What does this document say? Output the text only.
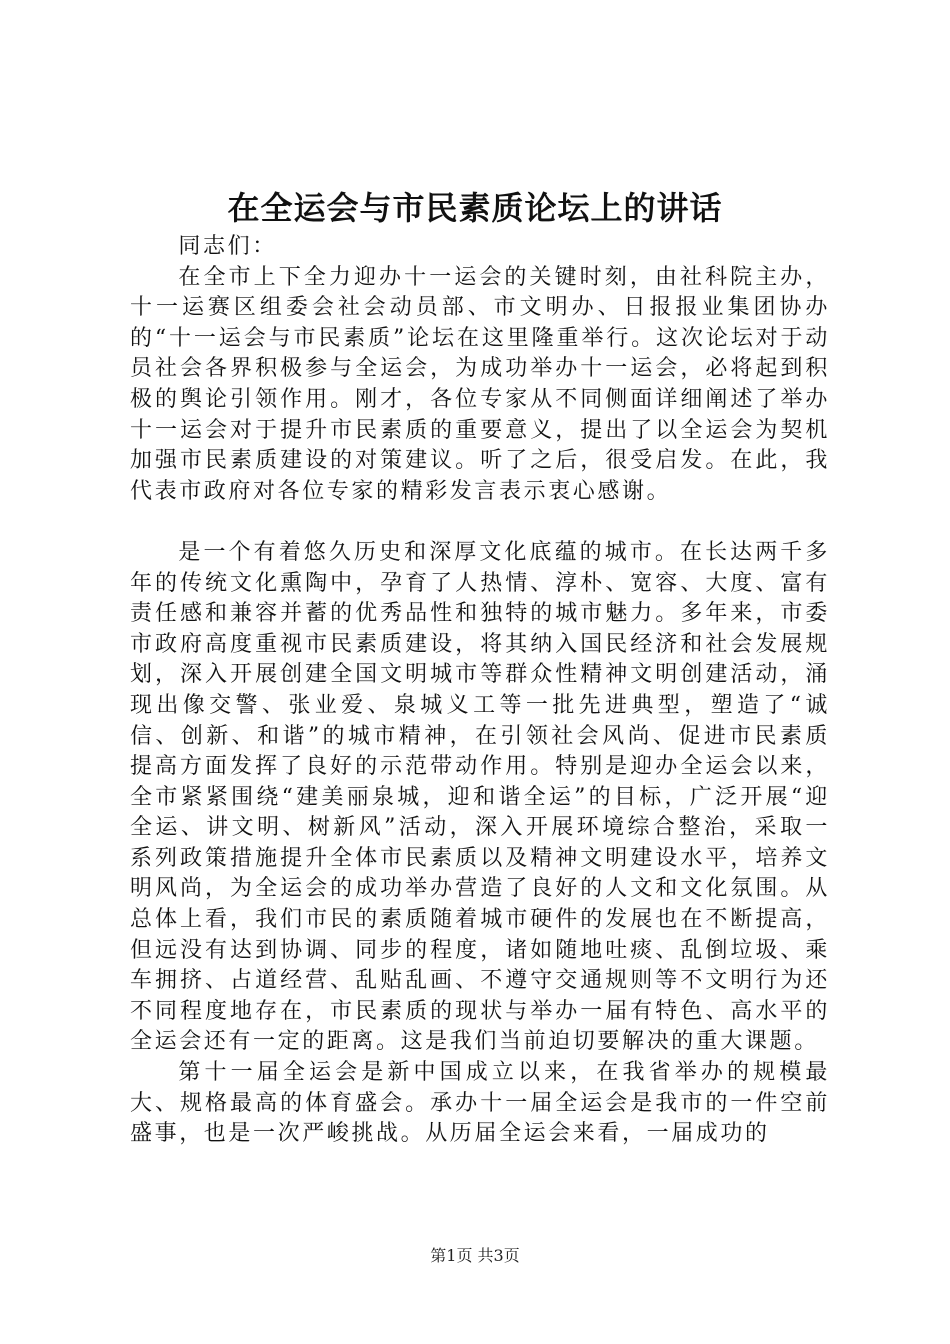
在全运会与市民素质论坛上的讲话

同志们：

在全市上下全力迎办十一运会的关键时刻，由社科院主办，十一运赛区组委会社会动员部、市文明办、日报报业集团协办的“十一运会与市民素质”论坛在这里隆重举行。这次论坛对于动员社会各界积极参与全运会，为成功举办十一运会，必将起到积极的舆论引领作用。刚才，各位专家从不同侧面详细阐述了举办十一运会对于提升市民素质的重要意义，提出了以全运会为契机加强市民素质建设的对策建议。听了之后，很受启发。在此，我代表市政府对各位专家的精彩发言表示衷心感谢。

是一个有着悠久历史和深厚文化底蕴的城市。在长达两千多年的传统文化熏陶中，孕育了人热情、淳朴、宽容、大度、富有责任感和兼容并蓄的优秀品性和独特的城市魅力。多年来，市委市政府高度重视市民素质建设，将其纳入国民经济和社会发展规划，深入开展创建全国文明城市等群众性精神文明创建活动，涌现出像交警、张业爱、泉城义工等一批先进典型，塑造了“诚信、创新、和谐”的城市精神，在引领社会风尚、促进市民素质提高方面发挥了良好的示范带动作用。特别是迎办全运会以来，全市紧紧围绕“建美丽泉城，迎和谐全运”的目标，广泛开展“迎全运、讲文明、树新风”活动，深入开展环境综合整治，采取一系列政策措施提升全体市民素质以及精神文明建设水平，培养文明风尚，为全运会的成功举办营造了良好的人文和文化氛围。从总体上看，我们市民的素质随着城市硬件的发展也在不断提高，但远没有达到协调、同步的程度，诸如随地吐痰、乱倒垃圾、乘车拥挤、占道经营、乱贴乱画、不遵守交通规则等不文明行为还不同程度地存在，市民素质的现状与举办一届有特色、高水平的全运会还有一定的距离。这是我们当前迫切要解决的重大课题。

第十一届全运会是新中国成立以来，在我省举办的规模最大、规格最高的体育盛会。承办十一届全运会是我市的一件空前盛事，也是一次严峻挑战。从历届全运会来看，一届成功的

第1页 共3页
